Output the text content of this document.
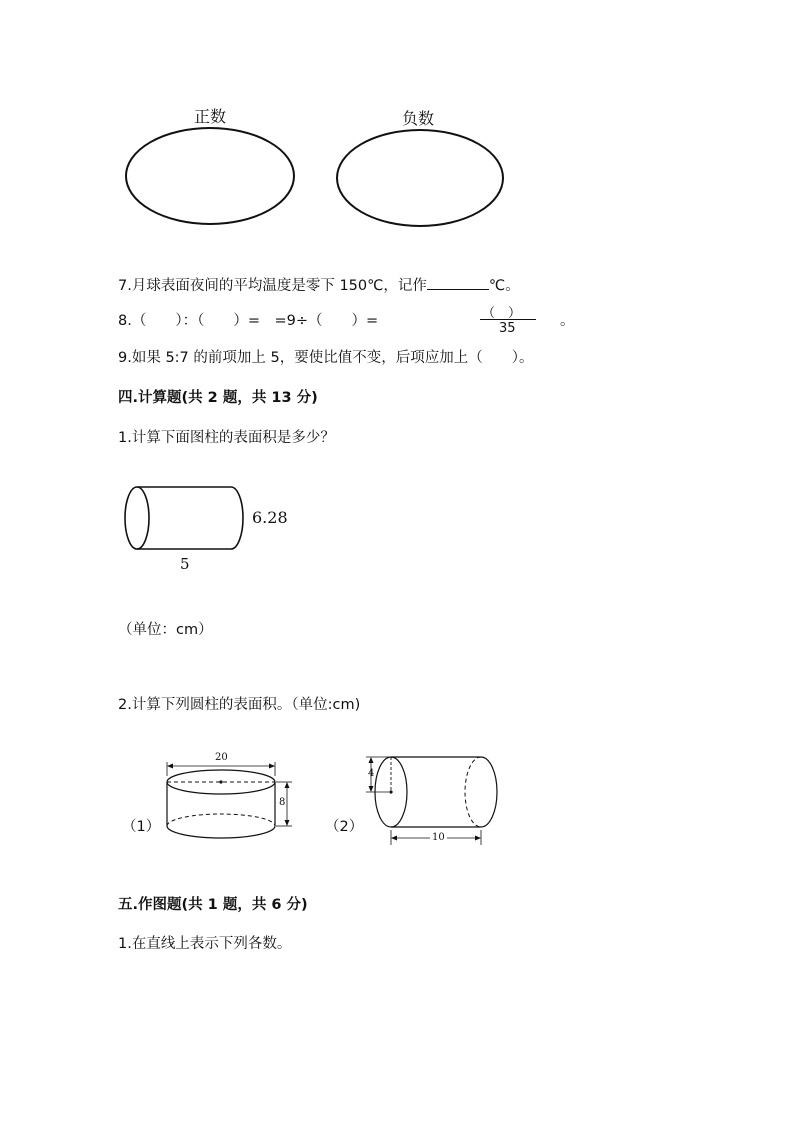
正数	负数
7.月球表面夜间的平均温度是零下 150℃，记作	℃。
8.（　　）：（　　）=　=9÷（　　）=	（　）
35	。
9.如果 5:7 的前项加上 5，要使比值不变，后项应加上（　　）。
四.计算题(共 2 题，共 13 分)
1.计算下面图柱的表面积是多少？
6.28
5
（单位：cm）
2.计算下列圆柱的表面积。（单位:cm)
（1）
20
8
（2）
4
10
五.作图题(共 1 题，共 6 分)
1.在直线上表示下列各数。
